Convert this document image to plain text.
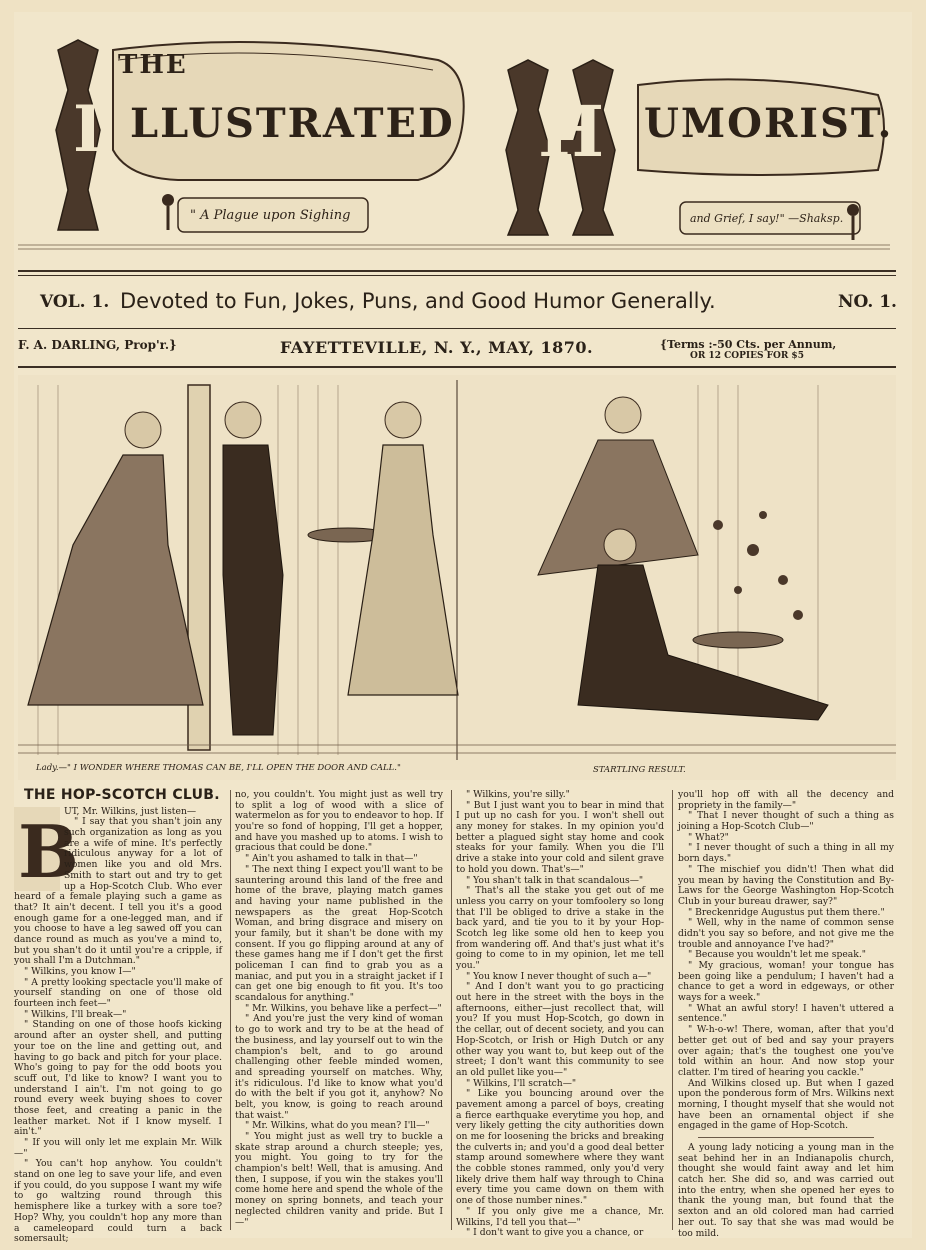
THE
I LLUSTRATED H UMORIST.
" A Plague upon Sighing	and Grief, I say!" —Shaksp.
VOL. 1. Devoted to Fun, Jokes, Puns, and Good Humor Generally.	NO. 1.
F. A. DARLING, Prop'r.}	FAYETTEVILLE, N. Y., MAY, 1870.	{Terms :-50 Cts. per Annum,
OR 12 COPIES FOR $5
Lady.—" I WONDER WHERE THOMAS CAN BE, I'LL OPEN THE DOOR AND CALL."	STARTLING RESULT.
THE HOP-SCOTCH CLUB.
B

UT, Mr. Wilkins, just listen—

" I say that you shan't join any such organization as long as you are a wife of mine. It's perfectly ridiculous anyway for a lot of women like you and old Mrs. Smith to start out and try to get up a Hop-Scotch Club. Who ever heard of a female playing such a game as that? It ain't decent. I tell you it's a good enough game for a one-legged man, and if you choose to have a leg sawed off you can dance round as much as you've a mind to, but you shan't do it until you're a cripple, if you shall I'm a Dutchman."

" Wilkins, you know I—"

" A pretty looking spectacle you'll make of yourself standing on one of those old fourteen inch feet—"

" Wilkins, I'll break—"

" Standing on one of those hoofs kicking around after an oyster shell, and putting your toe on the line and getting out, and having to go back and pitch for your place. Who's going to pay for the odd boots you scuff out, I'd like to know? I want you to understand I ain't. I'm not going to go round every week buying shoes to cover those feet, and creating a panic in the leather market. Not if I know myself. I ain't."

" If you will only let me explain Mr. Wilk—"

" You can't hop anyhow. You couldn't stand on one leg to save your life, and even if you could, do you suppose I want my wife to go waltzing round through this hemisphere like a turkey with a sore toe? Hop? Why, you couldn't hop any more than a cameleopard could turn a back somersault;

no, you couldn't. You might just as well try to split a log of wood with a slice of watermelon as for you to endeavor to hop. If you're so fond of hopping, I'll get a hopper, and have you mashed up to atoms. I wish to gracious that could be done."

" Ain't you ashamed to talk in that—"

" The next thing I expect you'll want to be sauntering around this land of the free and home of the brave, playing match games and having your name published in the newspapers as the great Hop-Scotch Woman, and bring disgrace and misery on your family, but it shan't be done with my consent. If you go flipping around at any of these games hang me if I don't get the first policeman I can find to grab you as a maniac, and put you in a straight jacket if I can get one big enough to fit you. It's too scandalous for anything."

" Mr. Wilkins, you behave like a perfect—"

" And you're just the very kind of woman to go to work and try to be at the head of the business, and lay yourself out to win the champion's belt, and to go around challenging other feeble minded women, and spreading yourself on matches. Why, it's ridiculous. I'd like to know what you'd do with the belt if you got it, anyhow? No belt, you know, is going to reach around that waist."

" Mr. Wilkins, what do you mean? I'll—"

" You might just as well try to buckle a skate strap around a church steeple; yes, you might. You going to try for the champion's belt! Well, that is amusing. And then, I suppose, if you win the stakes you'll come home here and spend the whole of the money on spring bonnets, and teach your neglected children vanity and pride. But I—"

" Wilkins, you're silly."

" But I just want you to bear in mind that I put up no cash for you. I won't shell out any money for stakes. In my opinion you'd better a plagued sight stay home and cook steaks for your family. When you die I'll drive a stake into your cold and silent grave to hold you down. That's—"

" You shan't talk in that scandalous—"

" That's all the stake you get out of me unless you carry on your tomfoolery so long that I'll be obliged to drive a stake in the back yard, and tie you to it by your Hop-Scotch leg like some old hen to keep you from wandering off. And that's just what it's going to come to in my opinion, let me tell you."

" You know I never thought of such a—"

" And I don't want you to go practicing out here in the street with the boys in the afternoons, either—just recollect that, will you? If you must Hop-Scotch, go down in the cellar, out of decent society, and you can Hop-Scotch, or Irish or High Dutch or any other way you want to, but keep out of the street; I don't want this community to see an old pullet like you—"

" Wilkins, I'll scratch—"

" Like you bouncing around over the pavement among a parcel of boys, creating a fierce earthquake everytime you hop, and very likely getting the city authorities down on me for loosening the bricks and breaking the culverts in; and you'd a good deal better stamp around somewhere where they want the cobble stones rammed, only you'd very likely drive them half way through to China every time you came down on them with one of those number nines."

" If you only give me a chance, Mr. Wilkins, I'd tell you that—"

" I don't want to give you a chance, or

you'll hop off with all the decency and propriety in the family—"

" That I never thought of such a thing as joining a Hop-Scotch Club—"

" What?"

" I never thought of such a thing in all my born days."

" The mischief you didn't! Then what did you mean by having the Constitution and By-Laws for the George Washington Hop-Scotch Club in your bureau drawer, say?"

" Breckenridge Augustus put them there."

" Well, why in the name of common sense didn't you say so before, and not give me the trouble and annoyance I've had?"

" Because you wouldn't let me speak."

" My gracious, woman! your tongue has been going like a pendulum; I haven't had a chance to get a word in edgeways, or other ways for a week."

" What an awful story! I haven't uttered a sentence."

" W-h-o-w! There, woman, after that you'd better get out of bed and say your prayers over again; that's the toughest one you've told within an hour. And now stop your clatter. I'm tired of hearing you cackle."

And Wilkins closed up. But when I gazed upon the ponderous form of Mrs. Wilkins next morning, I thought myself that she would not have been an ornamental object if she engaged in the game of Hop-Scotch.

A young lady noticing a young man in the seat behind her in an Indianapolis church, thought she would faint away and let him catch her. She did so, and was carried out into the entry, when she opened her eyes to thank the young man, but found that the sexton and an old colored man had carried her out. To say that she was mad would be too mild.
